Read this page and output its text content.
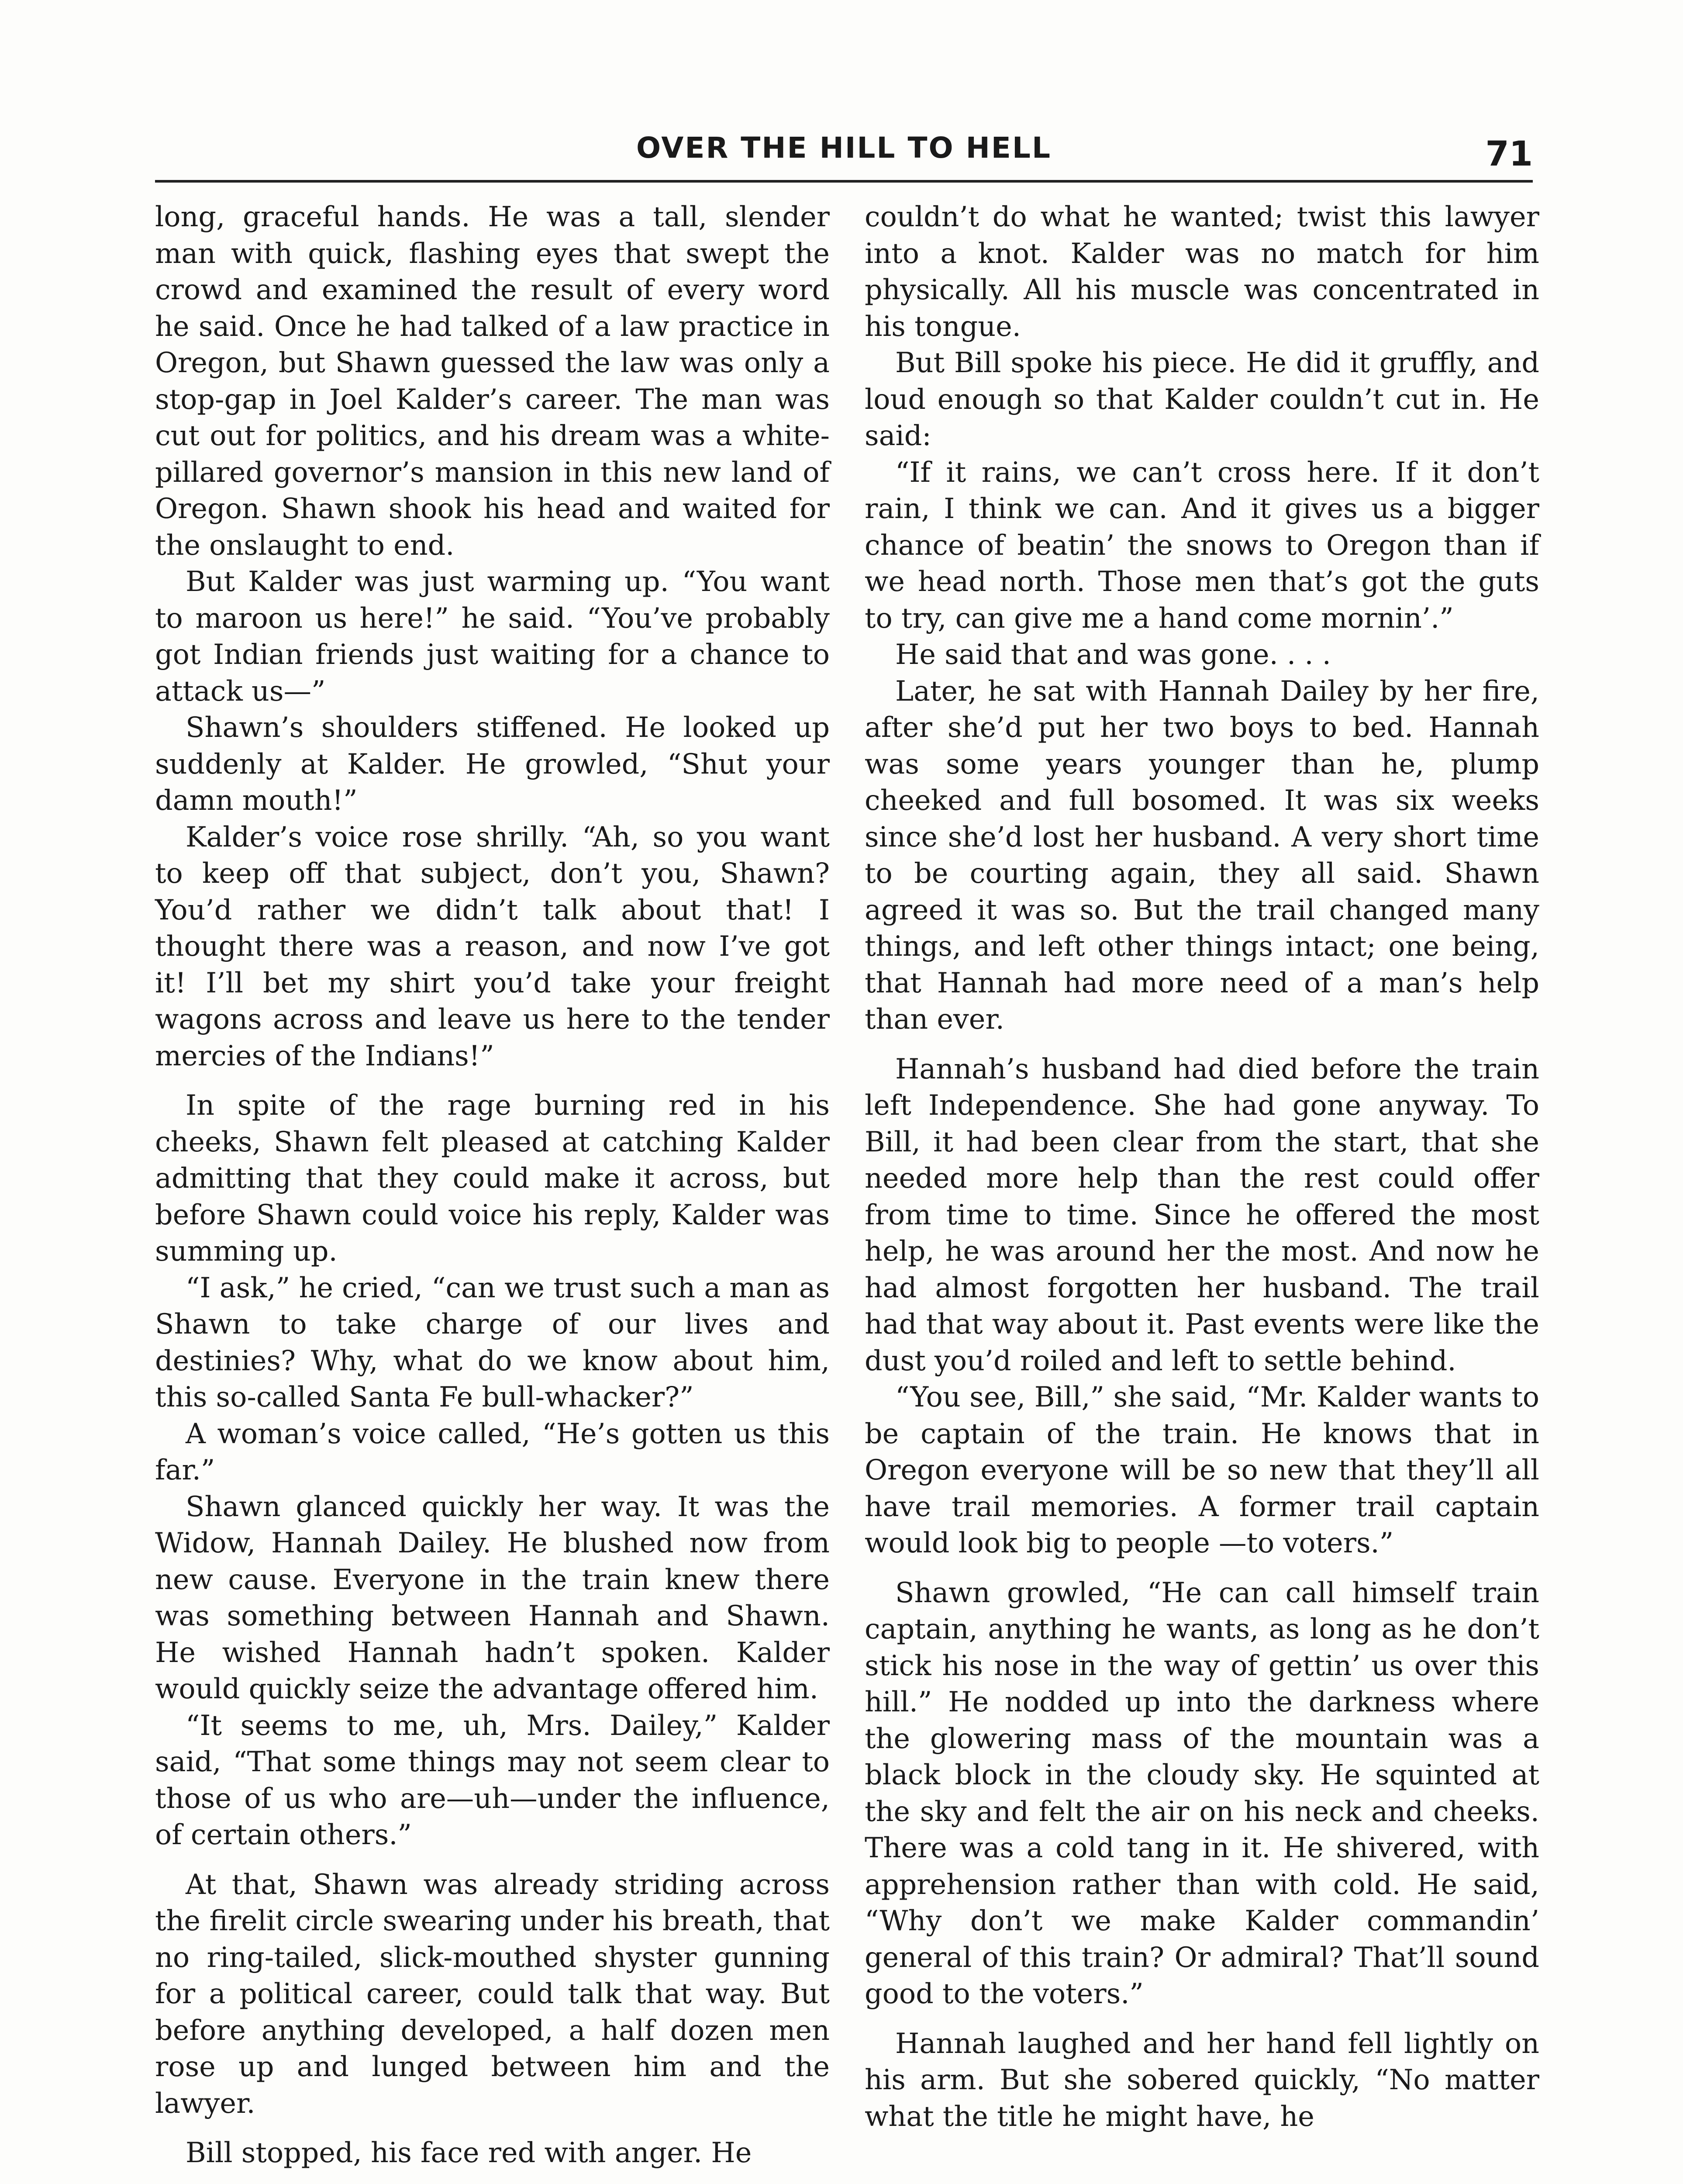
OVER THE HILL TO HELL	71

long, graceful hands. He was a tall, slender man with quick, flashing eyes that swept the crowd and examined the result of every word he said. Once he had talked of a law practice in Oregon, but Shawn guessed the law was only a stop-gap in Joel Kalder’s career. The man was cut out for politics, and his dream was a white-pillared governor’s mansion in this new land of Oregon. Shawn shook his head and waited for the onslaught to end.

But Kalder was just warming up. “You want to maroon us here!” he said. “You’ve probably got Indian friends just waiting for a chance to attack us—”

Shawn’s shoulders stiffened. He looked up suddenly at Kalder. He growled, “Shut your damn mouth!”

Kalder’s voice rose shrilly. “Ah, so you want to keep off that subject, don’t you, Shawn? You’d rather we didn’t talk about that! I thought there was a reason, and now I’ve got it! I’ll bet my shirt you’d take your freight wagons across and leave us here to the tender mercies of the Indians!”

In spite of the rage burning red in his cheeks, Shawn felt pleased at catching Kalder admitting that they could make it across, but before Shawn could voice his reply, Kalder was summing up.

“I ask,” he cried, “can we trust such a man as Shawn to take charge of our lives and destinies? Why, what do we know about him, this so-called Santa Fe bull-whacker?”

A woman’s voice called, “He’s gotten us this far.”

Shawn glanced quickly her way. It was the Widow, Hannah Dailey. He blushed now from new cause. Everyone in the train knew there was something between Hannah and Shawn. He wished Hannah hadn’t spoken. Kalder would quickly seize the advantage offered him.

“It seems to me, uh, Mrs. Dailey,” Kalder said, “That some things may not seem clear to those of us who are—uh—under the influence, of certain others.”

At that, Shawn was already striding across the firelit circle swearing under his breath, that no ring-tailed, slick-mouthed shyster gunning for a political career, could talk that way. But before anything developed, a half dozen men rose up and lunged between him and the lawyer.

Bill stopped, his face red with anger. He

couldn’t do what he wanted; twist this lawyer into a knot. Kalder was no match for him physically. All his muscle was concentrated in his tongue.

But Bill spoke his piece. He did it gruffly, and loud enough so that Kalder couldn’t cut in. He said:

“If it rains, we can’t cross here. If it don’t rain, I think we can. And it gives us a bigger chance of beatin’ the snows to Oregon than if we head north. Those men that’s got the guts to try, can give me a hand come mornin’.”

He said that and was gone. . . .

Later, he sat with Hannah Dailey by her fire, after she’d put her two boys to bed. Hannah was some years younger than he, plump cheeked and full bosomed. It was six weeks since she’d lost her husband. A very short time to be courting again, they all said. Shawn agreed it was so. But the trail changed many things, and left other things intact; one being, that Hannah had more need of a man’s help than ever.

Hannah’s husband had died before the train left Independence. She had gone anyway. To Bill, it had been clear from the start, that she needed more help than the rest could offer from time to time. Since he offered the most help, he was around her the most. And now he had almost forgotten her husband. The trail had that way about it. Past events were like the dust you’d roiled and left to settle behind.

“You see, Bill,” she said, “Mr. Kalder wants to be captain of the train. He knows that in Oregon everyone will be so new that they’ll all have trail memories. A former trail captain would look big to people —to voters.”

Shawn growled, “He can call himself train captain, anything he wants, as long as he don’t stick his nose in the way of gettin’ us over this hill.” He nodded up into the darkness where the glowering mass of the mountain was a black block in the cloudy sky. He squinted at the sky and felt the air on his neck and cheeks. There was a cold tang in it. He shivered, with apprehension rather than with cold. He said, “Why don’t we make Kalder commandin’ general of this train? Or admiral? That’ll sound good to the voters.”

Hannah laughed and her hand fell lightly on his arm. But she sobered quickly, “No matter what the title he might have, he
